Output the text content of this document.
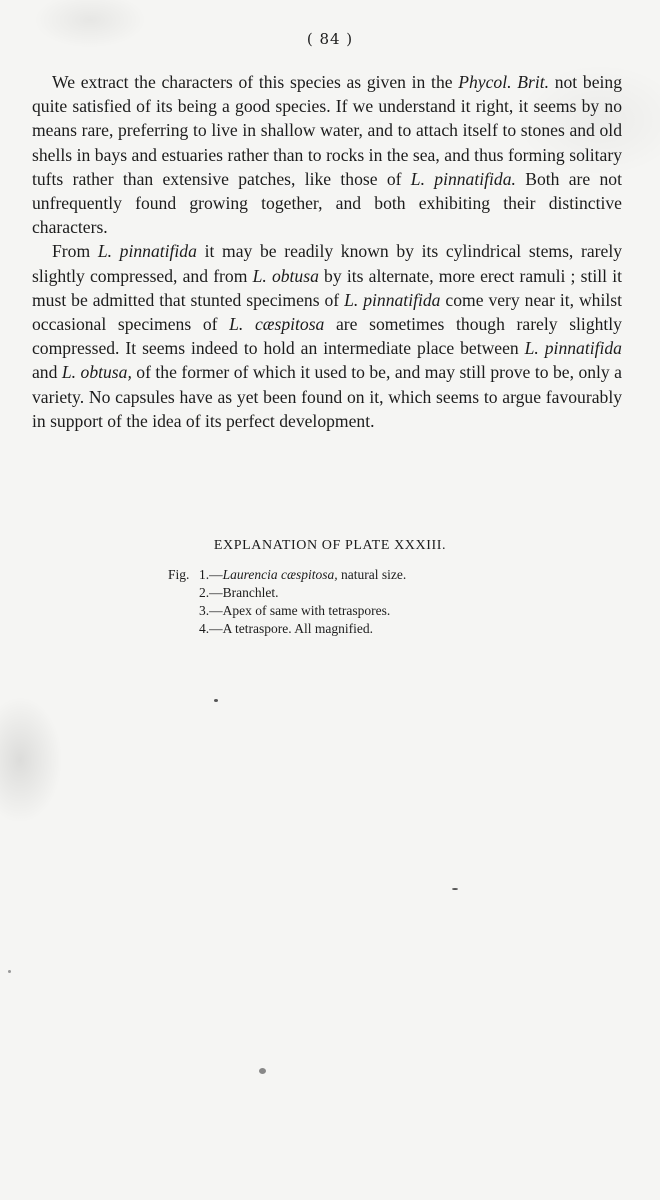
( 84 )

We extract the characters of this species as given in the Phycol. Brit. not being quite satisfied of its being a good species. If we understand it right, it seems by no means rare, preferring to live in shallow water, and to attach itself to stones and old shells in bays and estuaries rather than to rocks in the sea, and thus forming solitary tufts rather than extensive patches, like those of L. pinnatifida. Both are not unfrequently found growing together, and both exhibiting their distinctive characters.

From L. pinnatifida it may be readily known by its cylindrical stems, rarely slightly compressed, and from L. obtusa by its alternate, more erect ramuli ; still it must be admitted that stunted specimens of L. pinnatifida come very near it, whilst occasional specimens of L. cæspitosa are sometimes though rarely slightly compressed. It seems indeed to hold an intermediate place between L. pinnatifida and L. obtusa, of the former of which it used to be, and may still prove to be, only a variety. No capsules have as yet been found on it, which seems to argue favourably in support of the idea of its perfect development.

EXPLANATION OF PLATE XXXIII.
Fig. 1.— Laurencia cæspitosa, natural size.
2.— Branchlet.
3.— Apex of same with tetraspores.
4.— A tetraspore. All magnified.
